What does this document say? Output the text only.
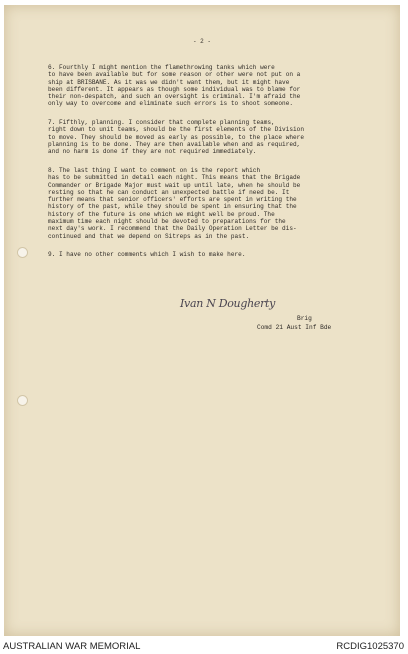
- 2 -
6. Fourthly I might mention the flamethrowing tanks which were
to have been available but for some reason or other were not put on a
ship at BRISBANE. As it was we didn't want them, but it might have
been different. It appears as though some individual was to blame for
their non-despatch, and such an oversight is criminal. I'm afraid the
only way to overcome and eliminate such errors is to shoot someone.
7. Fifthly, planning. I consider that complete planning teams,
right down to unit teams, should be the first elements of the Division
to move. They should be moved as early as possible, to the place where
planning is to be done. They are then available when and as required,
and no harm is done if they are not required immediately.
8. The last thing I want to comment on is the report which
has to be submitted in detail each night. This means that the Brigade
Commander or Brigade Major must wait up until late, when he should be
resting so that he can conduct an unexpected battle if need be. It
further means that senior officers' efforts are spent in writing the
history of the past, while they should be spent in ensuring that the
history of the future is one which we might well be proud. The
maximum time each night should be devoted to preparations for the
next day's work. I recommend that the Daily Operation Letter be dis-
continued and that we depend on Sitreps as in the past.
9. I have no other comments which I wish to make here.
Ivan N Dougherty
Brig
Comd 21 Aust Inf Bde
AUSTRALIAN WAR MEMORIAL	RCDIG1025370
